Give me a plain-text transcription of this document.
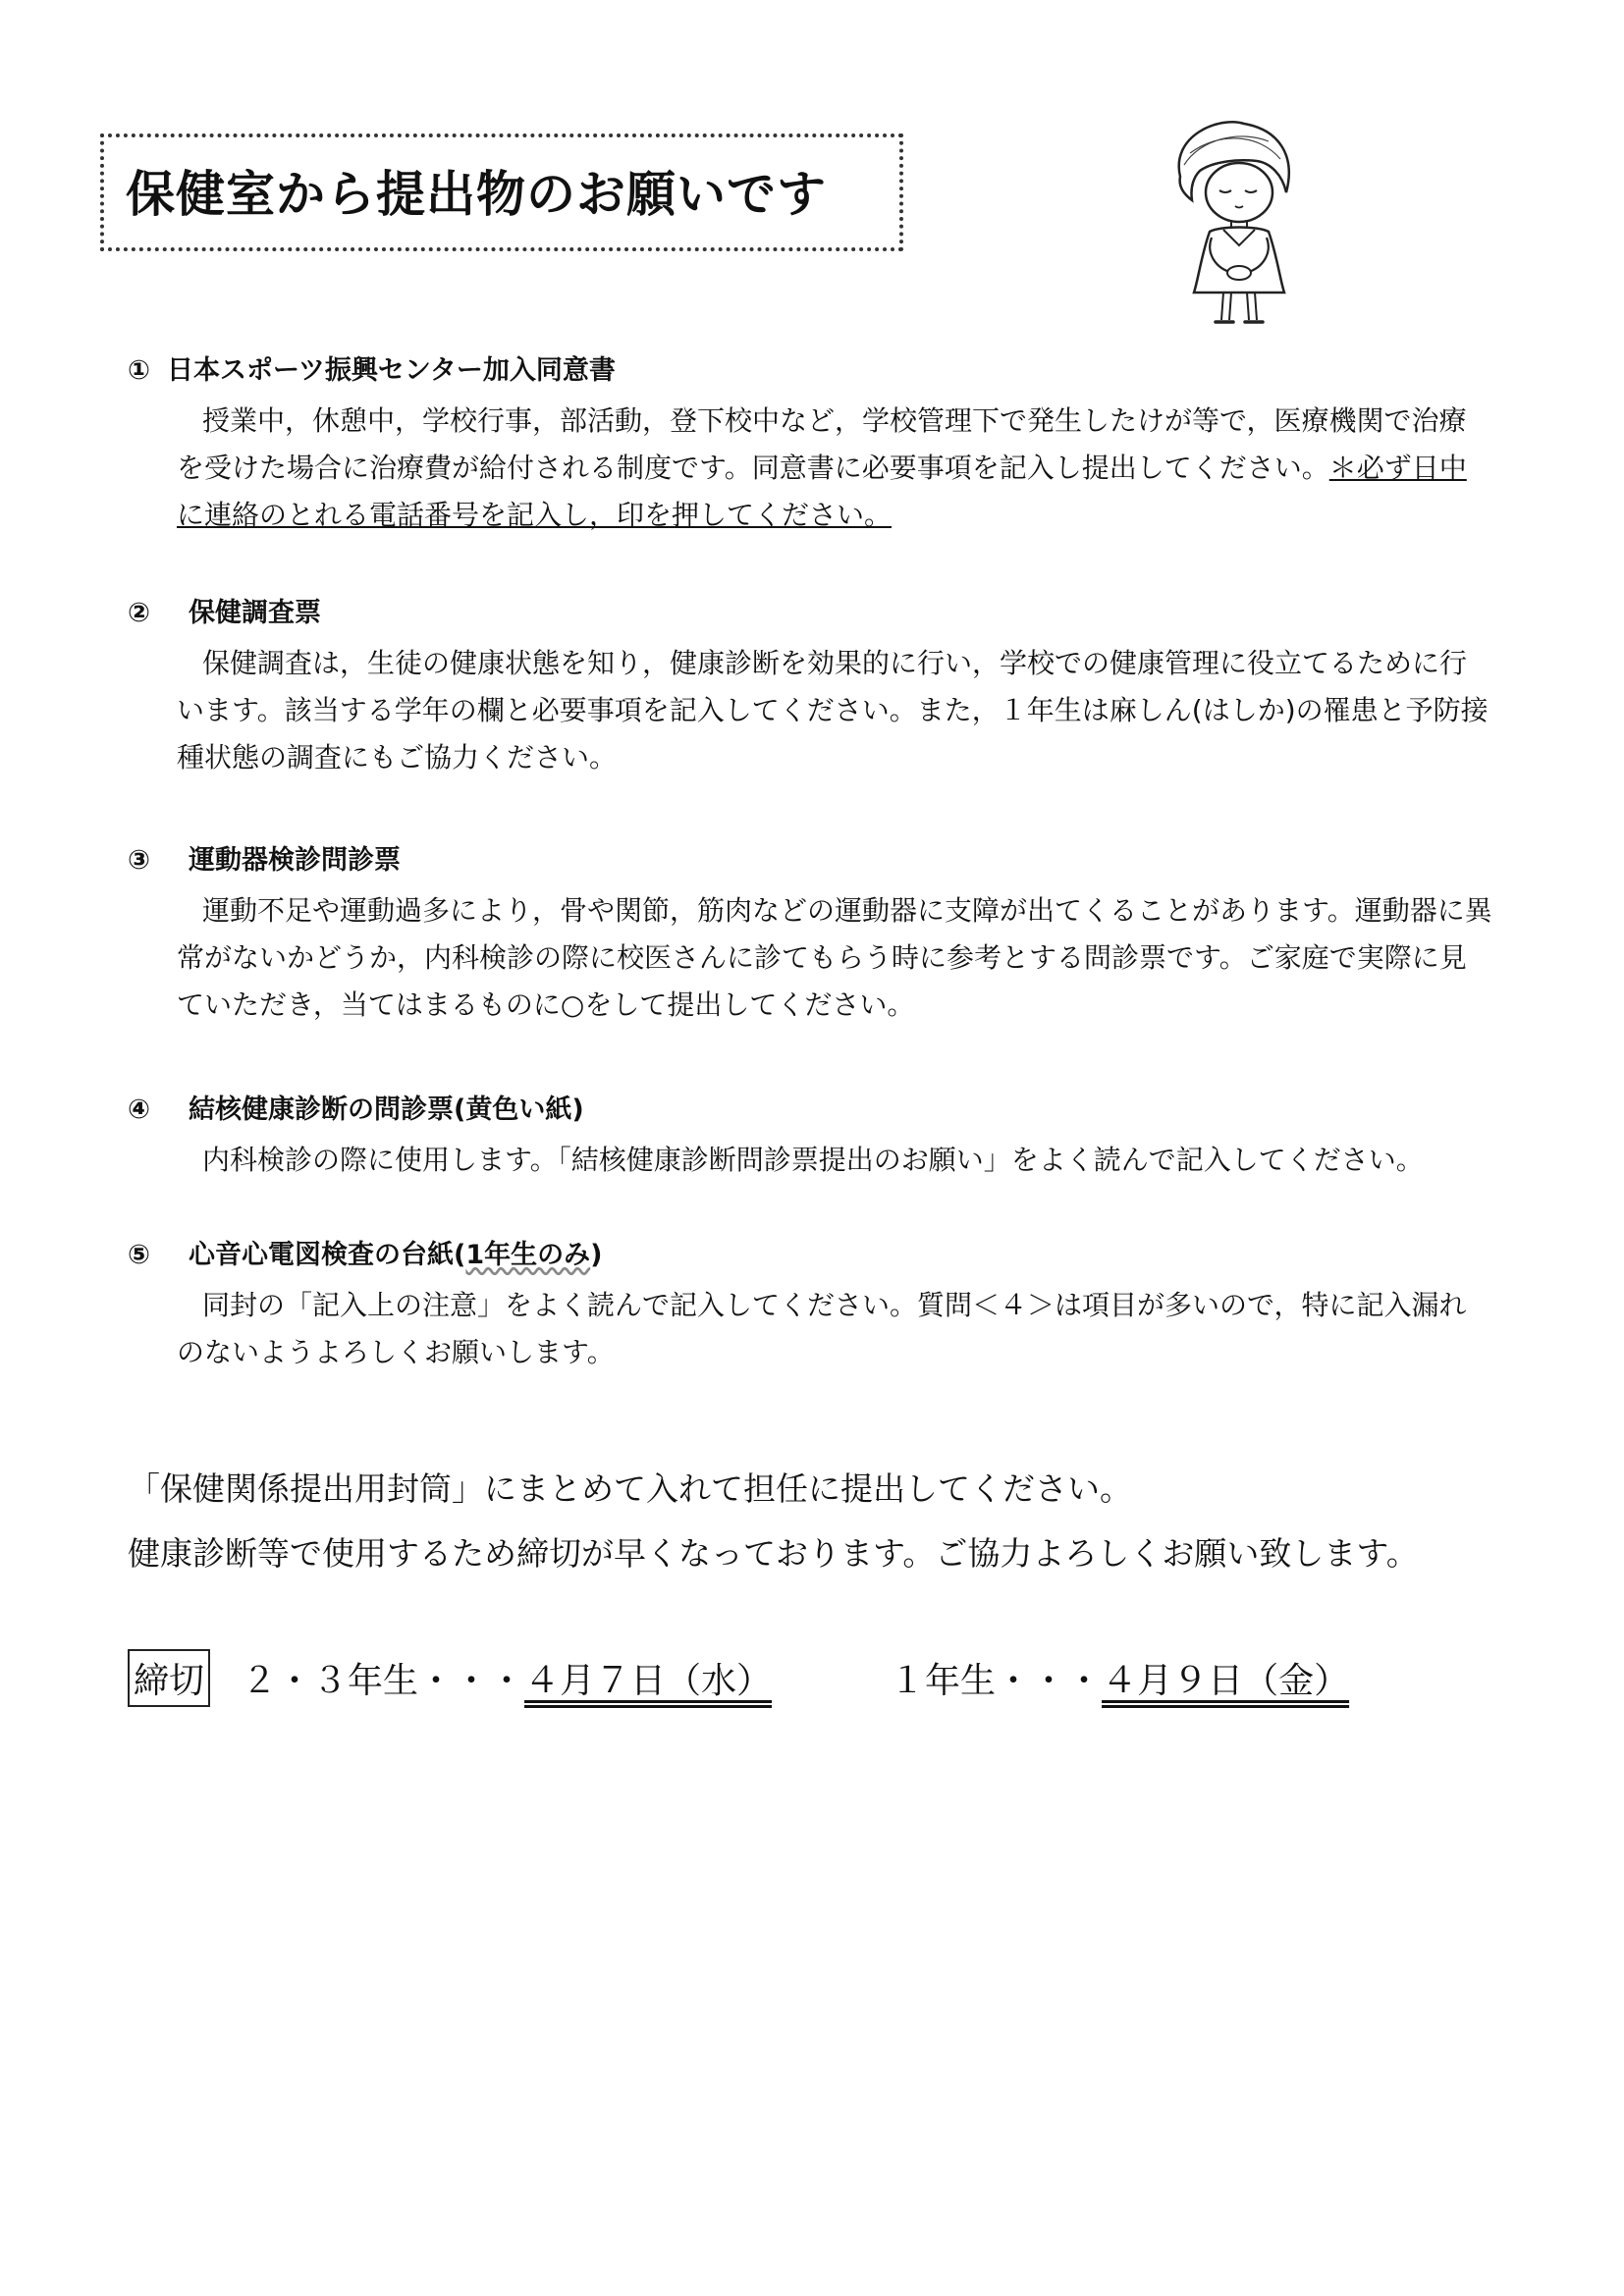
保健室から提出物のお願いです
① 日本スポーツ振興センター加入同意書
授業中，休憩中，学校行事，部活動，登下校中など，学校管理下で発生したけが等で，医療機関で治療を受けた場合に治療費が給付される制度です。同意書に必要事項を記入し提出してください。＊必ず日中に連絡のとれる電話番号を記入し，印を押してください。
②	保健調査票
保健調査は，生徒の健康状態を知り，健康診断を効果的に行い，学校での健康管理に役立てるために行います。該当する学年の欄と必要事項を記入してください。また，１年生は麻しん(はしか)の罹患と予防接種状態の調査にもご協力ください。
③	運動器検診問診票
運動不足や運動過多により，骨や関節，筋肉などの運動器に支障が出てくることがあります。運動器に異常がないかどうか，内科検診の際に校医さんに診てもらう時に参考とする問診票です。ご家庭で実際に見ていただき，当てはまるものに○をして提出してください。
④	結核健康診断の問診票(黄色い紙)
内科検診の際に使用します。「結核健康診断問診票提出のお願い」をよく読んで記入してください。
⑤	心音心電図検査の台紙(1年生のみ)
同封の「記入上の注意」をよく読んで記入してください。質問＜４＞は項目が多いので，特に記入漏れのないようよろしくお願いします。
「保健関係提出用封筒」にまとめて入れて担任に提出してください。
健康診断等で使用するため締切が早くなっております。ご協力よろしくお願い致します。
締切 ２・３年生・・・ ４月７日（水）	１年生・・・ ４月９日（金）
